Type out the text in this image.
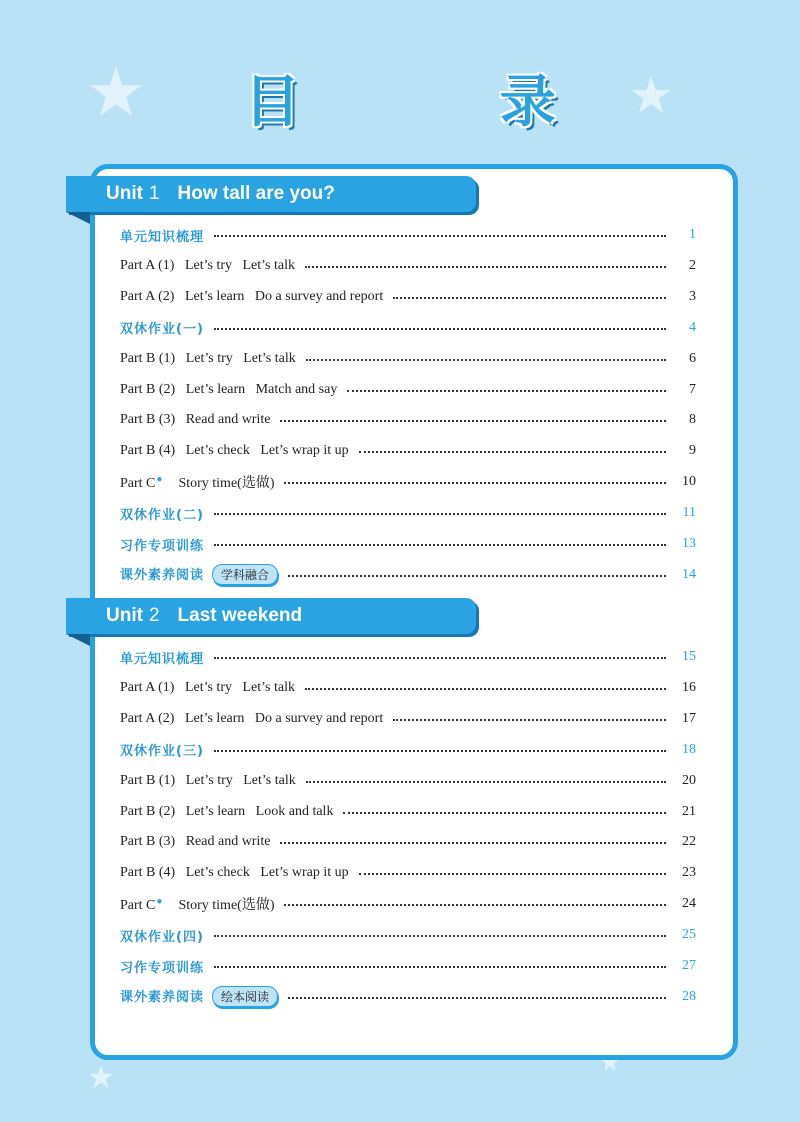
目 录
Unit 1 How tall are you?
单元知识梳理	1
Part A (1)   Let’s try   Let’s talk	2
Part A (2)   Let’s learn   Do a survey and report	3
双休作业(一)	4
Part B (1)   Let’s try   Let’s talk	6
Part B (2)   Let’s learn   Match and say	7
Part B (3)   Read and write	8
Part B (4)   Let’s check   Let’s wrap it up	9
Part C● Story time(选做)	10
双休作业(二)	11
习作专项训练	13
课外素养阅读 学科融合	14
Unit 2 Last weekend
单元知识梳理	15
Part A (1)   Let’s try   Let’s talk	16
Part A (2)   Let’s learn   Do a survey and report	17
双休作业(三)	18
Part B (1)   Let’s try   Let’s talk	20
Part B (2)   Let’s learn   Look and talk	21
Part B (3)   Read and write	22
Part B (4)   Let’s check   Let’s wrap it up	23
Part C● Story time(选做)	24
双休作业(四)	25
习作专项训练	27
课外素养阅读 绘本阅读	28
